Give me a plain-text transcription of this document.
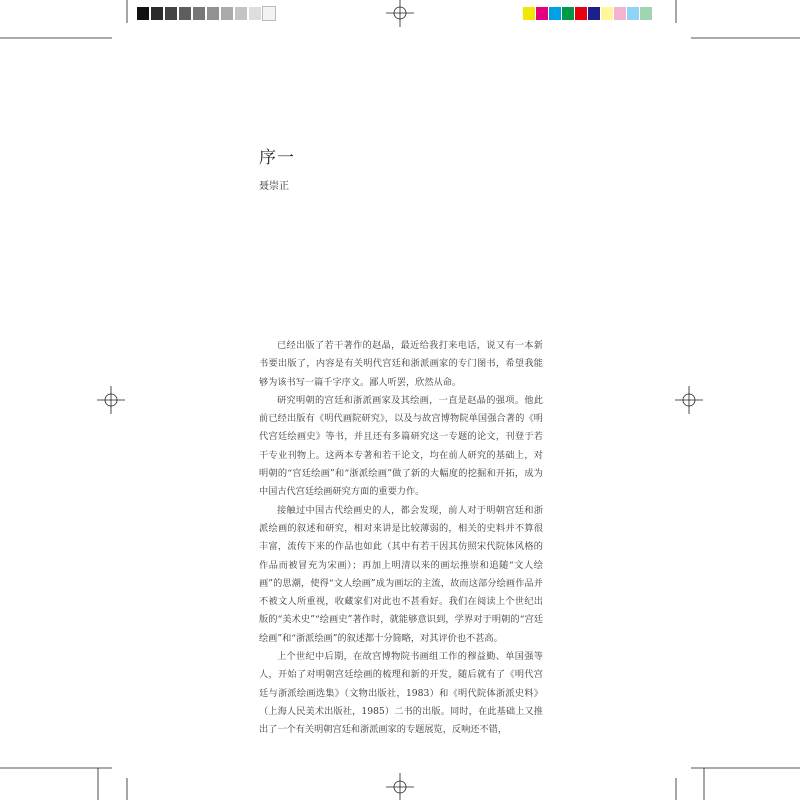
序一
聂崇正

已经出版了若干著作的赵晶，最近给我打来电话，说又有一本新书要出版了，内容是有关明代宫廷和浙派画家的专门图书，希望我能够为该书写一篇千字序文。鄙人听罢，欣然从命。

研究明朝的宫廷和浙派画家及其绘画，一直是赵晶的强项。他此前已经出版有《明代画院研究》，以及与故宫博物院单国强合著的《明代宫廷绘画史》等书，并且还有多篇研究这一专题的论文，刊登于若干专业刊物上。这两本专著和若干论文，均在前人研究的基础上，对明朝的“宫廷绘画”和“浙派绘画”做了新的大幅度的挖掘和开拓，成为中国古代宫廷绘画研究方面的重要力作。

接触过中国古代绘画史的人，都会发现，前人对于明朝宫廷和浙派绘画的叙述和研究，相对来讲是比较薄弱的，相关的史料并不算很丰富，流传下来的作品也如此（其中有若干因其仿照宋代院体风格的作品而被冒充为宋画）；再加上明清以来的画坛推崇和追随“文人绘画”的思潮，使得“文人绘画”成为画坛的主流，故而这部分绘画作品并不被文人所重视，收藏家们对此也不甚看好。我们在阅读上个世纪出版的“美术史”“绘画史”著作时，就能够意识到，学界对于明朝的“宫廷绘画”和“浙派绘画”的叙述都十分简略，对其评价也不甚高。

上个世纪中后期，在故宫博物院书画组工作的穆益勤、单国强等人，开始了对明朝宫廷绘画的梳理和新的开发，随后就有了《明代宫廷与浙派绘画选集》（文物出版社，1983）和《明代院体浙派史料》（上海人民美术出版社，1985）二书的出版。同时，在此基础上又推出了一个有关明朝宫廷和浙派画家的专题展览，反响还不错，
